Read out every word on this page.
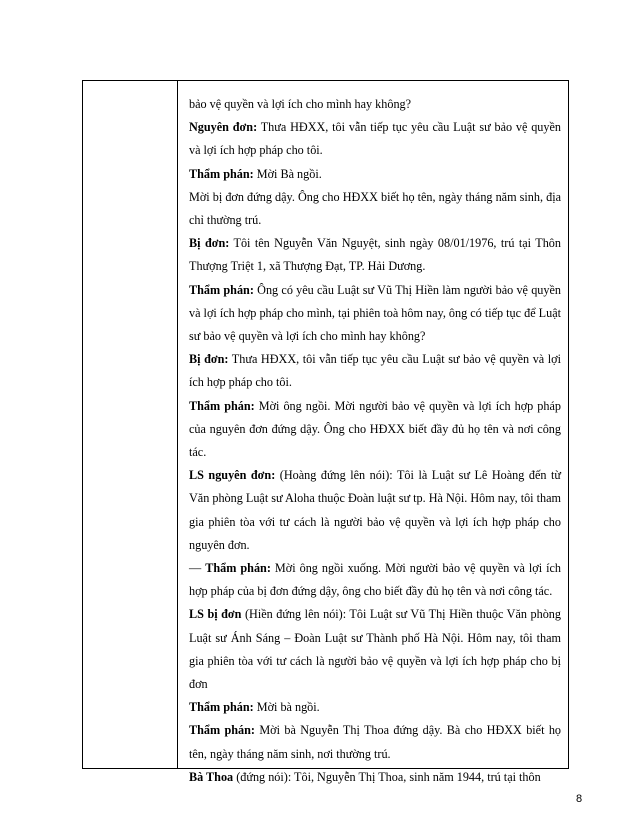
bảo vệ quyền và lợi ích cho mình hay không?

Nguyên đơn: Thưa HĐXX, tôi vẫn tiếp tục yêu cầu Luật sư bảo vệ quyền và lợi ích hợp pháp cho tôi.

Thẩm phán: Mời Bà ngồi.

Mời bị đơn đứng dậy. Ông cho HĐXX biết họ tên, ngày tháng năm sinh, địa chỉ thường trú.

Bị đơn: Tôi tên Nguyễn Văn Nguyệt, sinh ngày 08/01/1976, trú tại Thôn Thượng Triệt 1, xã Thượng Đạt, TP. Hải Dương.

Thẩm phán: Ông có yêu cầu Luật sư Vũ Thị Hiền làm người bảo vệ quyền và lợi ích hợp pháp cho mình, tại phiên toà hôm nay, ông có tiếp tục để Luật sư bảo vệ quyền và lợi ích cho mình hay không?

Bị đơn: Thưa HĐXX, tôi vẫn tiếp tục yêu cầu Luật sư bảo vệ quyền và lợi ích hợp pháp cho tôi.

Thẩm phán: Mời ông ngồi. Mời người bảo vệ quyền và lợi ích hợp pháp của nguyên đơn đứng dậy. Ông cho HĐXX biết đầy đủ họ tên và nơi công tác.

LS nguyên đơn: (Hoàng đứng lên nói): Tôi là Luật sư Lê Hoàng đến từ Văn phòng Luật sư Aloha thuộc Đoàn luật sư tp. Hà Nội. Hôm nay, tôi tham gia phiên tòa với tư cách là người bảo vệ quyền và lợi ích hợp pháp cho nguyên đơn.

— Thẩm phán: Mời ông ngồi xuống. Mời người bảo vệ quyền và lợi ích hợp pháp của bị đơn đứng dậy, ông cho biết đầy đủ họ tên và nơi công tác.

LS bị đơn (Hiền đứng lên nói): Tôi Luật sư Vũ Thị Hiền thuộc Văn phòng Luật sư Ánh Sáng – Đoàn Luật sư Thành phố Hà Nội. Hôm nay, tôi tham gia phiên tòa với tư cách là người bảo vệ quyền và lợi ích hợp pháp cho bị đơn

Thẩm phán: Mời bà ngồi.

Thẩm phán: Mời bà Nguyễn Thị Thoa đứng dậy. Bà cho HĐXX biết họ tên, ngày tháng năm sinh, nơi thường trú.

Bà Thoa (đứng nói): Tôi, Nguyễn Thị Thoa, sinh năm 1944, trú tại thôn

8
